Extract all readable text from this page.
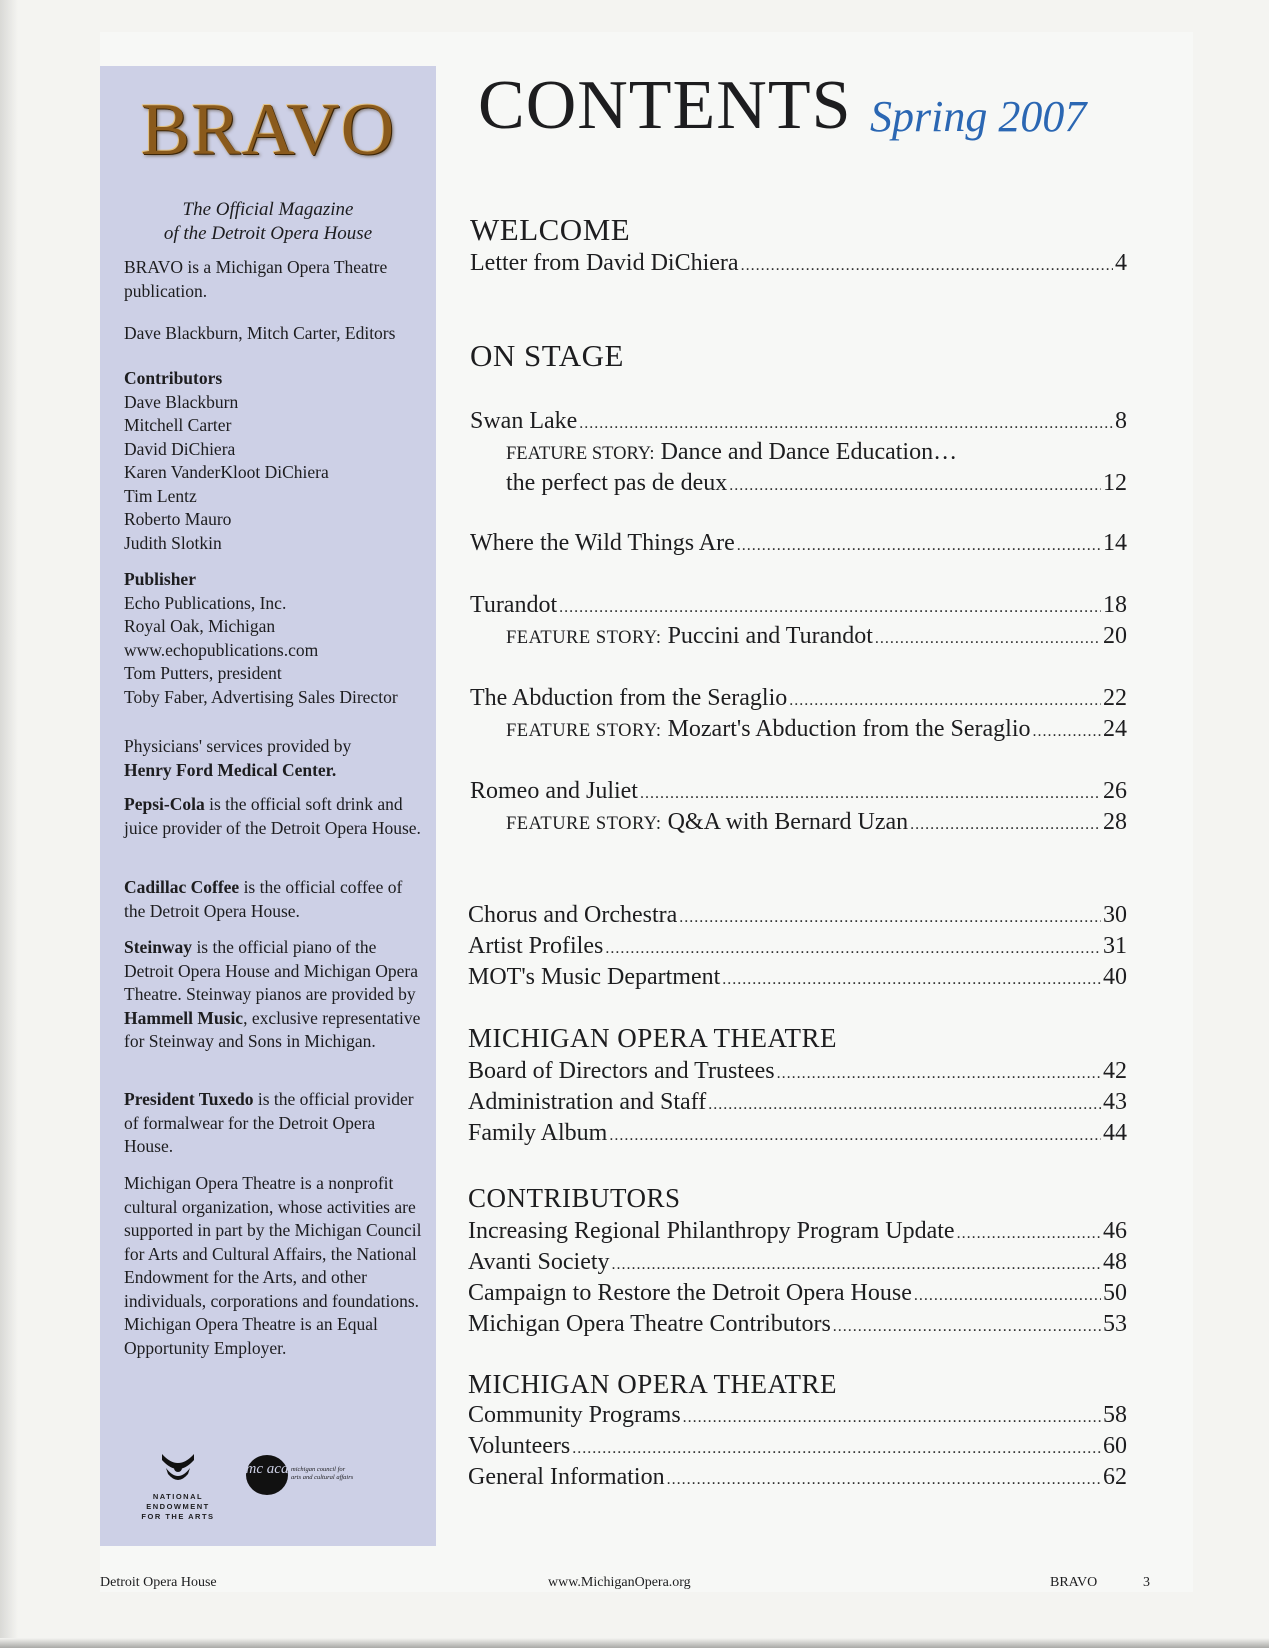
BRAVO
The Official Magazine
of the Detroit Opera House
BRAVO is a Michigan Opera Theatre publication.
Dave Blackburn, Mitch Carter, Editors
Contributors
Dave Blackburn
Mitchell Carter
David DiChiera
Karen VanderKloot DiChiera
Tim Lentz
Roberto Mauro
Judith Slotkin
Publisher
Echo Publications, Inc.
Royal Oak, Michigan
www.echopublications.com
Tom Putters, president
Toby Faber, Advertising Sales Director
Physicians' services provided by
Henry Ford Medical Center.
Pepsi-Cola is the official soft drink and juice provider of the Detroit Opera House.
Cadillac Coffee is the official coffee of the Detroit Opera House.
Steinway is the official piano of the Detroit Opera House and Michigan Opera Theatre. Steinway pianos are provided by Hammell Music, exclusive representative for Steinway and Sons in Michigan.
President Tuxedo is the official provider of formalwear for the Detroit Opera House.
Michigan Opera Theatre is a nonprofit cultural organization, whose activities are supported in part by the Michigan Council for Arts and Cultural Affairs, the National Endowment for the Arts, and other individuals, corporations and foundations. Michigan Opera Theatre is an Equal Opportunity Employer.
NATIONAL
ENDOWMENT
FOR THE ARTS
mc aca michigan council for
arts and cultural affairs
CONTENTS Spring 2007
WELCOME
Letter from David DiChiera .....	4
ON STAGE
Swan Lake .....	8
FEATURE STORY: Dance and Dance Education…
the perfect pas de deux .....	12
Where the Wild Things Are .....	14
Turandot .....	18
FEATURE STORY: Puccini and Turandot .....	20
The Abduction from the Seraglio .....	22
FEATURE STORY: Mozart's Abduction from the Seraglio .....	24
Romeo and Juliet .....	26
FEATURE STORY: Q&A with Bernard Uzan .....	28
Chorus and Orchestra .....	30
Artist Profiles .....	31
MOT's Music Department .....	40
MICHIGAN OPERA THEATRE
Board of Directors and Trustees .....	42
Administration and Staff .....	43
Family Album .....	44
CONTRIBUTORS
Increasing Regional Philanthropy Program Update .....	46
Avanti Society .....	48
Campaign to Restore the Detroit Opera House .....	50
Michigan Opera Theatre Contributors .....	53
MICHIGAN OPERA THEATRE
Community Programs .....	58
Volunteers .....	60
General Information .....	62
Detroit Opera House	www.MichiganOpera.org	BRAVO	3
